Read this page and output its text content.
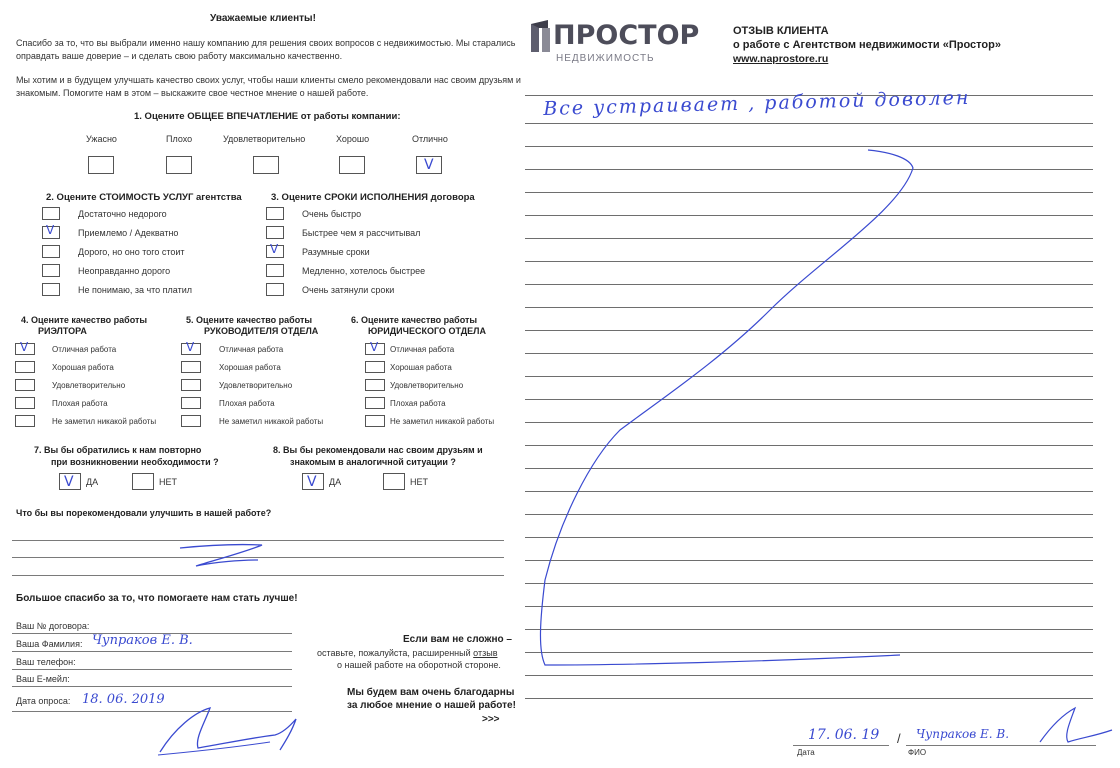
Уважаемые клиенты!
Спасибо за то, что вы выбрали именно нашу компанию для решения своих вопросов с недвижимостью. Мы старались
оправдать ваше доверие – и сделать свою работу максимально качественно.
Мы хотим и в будущем улучшать качество своих услуг, чтобы наши клиенты смело рекомендовали нас своим друзьям и
знакомым. Помогите нам в этом – выскажите свое честное мнение о нашей работе.
1. Оцените ОБЩЕЕ ВПЕЧАТЛЕНИЕ от работы компании:
Ужасно	Плохо	Удовлетворительно	Хорошо	Отлично
V
2. Оцените СТОИМОСТЬ УСЛУГ агентства
V
Достаточно недорого
Приемлемо / Адекватно
Дорого, но оно того стоит
Неоправданно дорого
Не понимаю, за что платил
3. Оцените СРОКИ ИСПОЛНЕНИЯ договора
V
Очень быстро
Быстрее чем я рассчитывал
Разумные сроки
Медленно, хотелось быстрее
Очень затянули сроки
4. Оцените качество работы
РИЭЛТОРА
V	Отличная работа
Хорошая работа
Удовлетворительно
Плохая работа
Не заметил никакой работы
5. Оцените качество работы
РУКОВОДИТЕЛЯ ОТДЕЛА
V	Отличная работа
Хорошая работа
Удовлетворительно
Плохая работа
Не заметил никакой работы
6. Оцените качество работы
ЮРИДИЧЕСКОГО ОТДЕЛА
V Отличная работа
Хорошая работа
Удовлетворительно
Плохая работа
Не заметил никакой работы
7. Вы бы обратились к нам повторно
при возникновении необходимости ?
V ДА	НЕТ
8. Вы бы рекомендовали нас своим друзьям и
знакомым в аналогичной ситуации ?
V ДА	НЕТ
Что бы вы порекомендовали улучшить в нашей работе?
Большое спасибо за то, что помогаете нам стать лучше!
Ваш № договора:
Ваша Фамилия: Чупраков Е. В.
Ваш телефон:
Ваш E-мейл:
Дата опроса: 18. 06. 2019
Если вам не сложно –
оставьте, пожалуйста, расширенный отзыв
о нашей работе на оборотной стороне.
Мы будем вам очень благодарны
за любое мнение о нашей работе!
>>>
ПРОСТОР
НЕДВИЖИМОСТЬ
ОТЗЫВ КЛИЕНТА
о работе с Агентством недвижимости «Простор»
www.naprostore.ru
Все устраивает , работой доволен
17. 06. 19 / Чупраков Е. В.
Дата	ФИО
